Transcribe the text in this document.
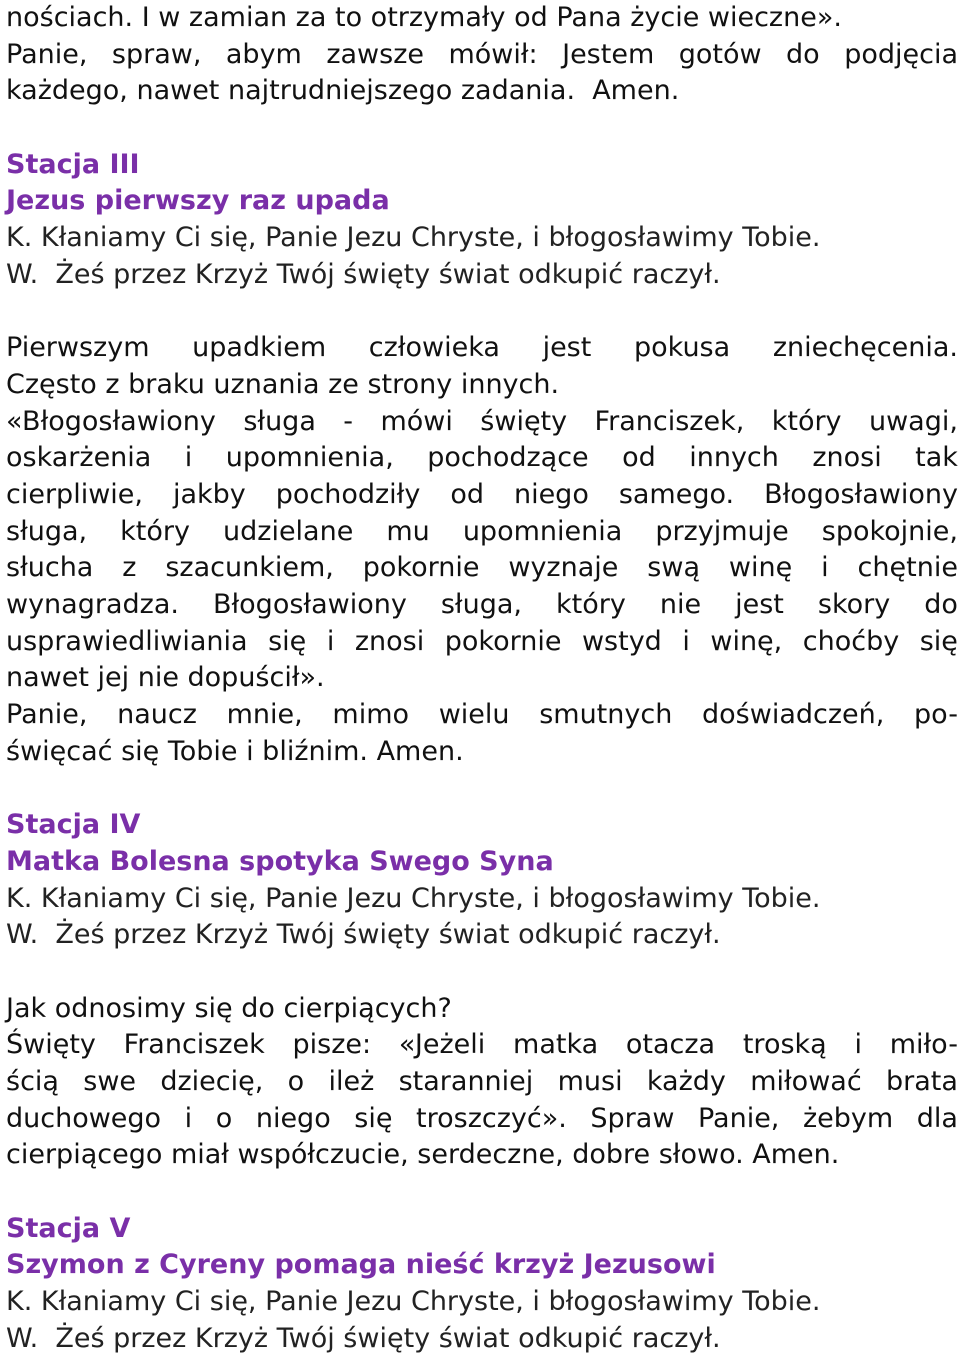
nościach. I w zamian za to otrzymały od Pana życie wieczne».
Panie, spraw, abym zawsze mówił: Jestem gotów do podjęcia
każdego, nawet najtrudniejszego zadania.  Amen.
Stacja III
Jezus pierwszy raz upada
K. Kłaniamy Ci się, Panie Jezu Chryste, i błogosławimy Tobie.
W.  Żeś przez Krzyż Twój święty świat odkupić raczył.
Pierwszym upadkiem człowieka jest pokusa zniechęcenia.
Często z braku uznania ze strony innych.
«Błogosławiony sługa - mówi święty Franciszek, który uwagi,
oskarżenia i upomnienia, pochodzące od innych znosi tak
cierpliwie, jakby pochodziły od niego samego. Błogosławiony
sługa, który udzielane mu upomnienia przyjmuje spokojnie,
słucha z szacunkiem, pokornie wyznaje swą winę i chętnie
wynagradza. Błogosławiony sługa, który nie jest skory do
usprawiedliwiania się i znosi pokornie wstyd i winę, choćby się
nawet jej nie dopuścił».
Panie, naucz mnie, mimo wielu smutnych doświadczeń, po-
święcać się Tobie i bliźnim. Amen.
Stacja IV
Matka Bolesna spotyka Swego Syna
K. Kłaniamy Ci się, Panie Jezu Chryste, i błogosławimy Tobie.
W.  Żeś przez Krzyż Twój święty świat odkupić raczył.
Jak odnosimy się do cierpiących?
Święty Franciszek pisze: «Jeżeli matka otacza troską i miło-
ścią swe dziecię, o ileż staranniej musi każdy miłować brata
duchowego i o niego się troszczyć». Spraw Panie, żebym dla
cierpiącego miał współczucie, serdeczne, dobre słowo. Amen.
Stacja V
Szymon z Cyreny pomaga nieść krzyż Jezusowi
K. Kłaniamy Ci się, Panie Jezu Chryste, i błogosławimy Tobie.
W.  Żeś przez Krzyż Twój święty świat odkupić raczył.
